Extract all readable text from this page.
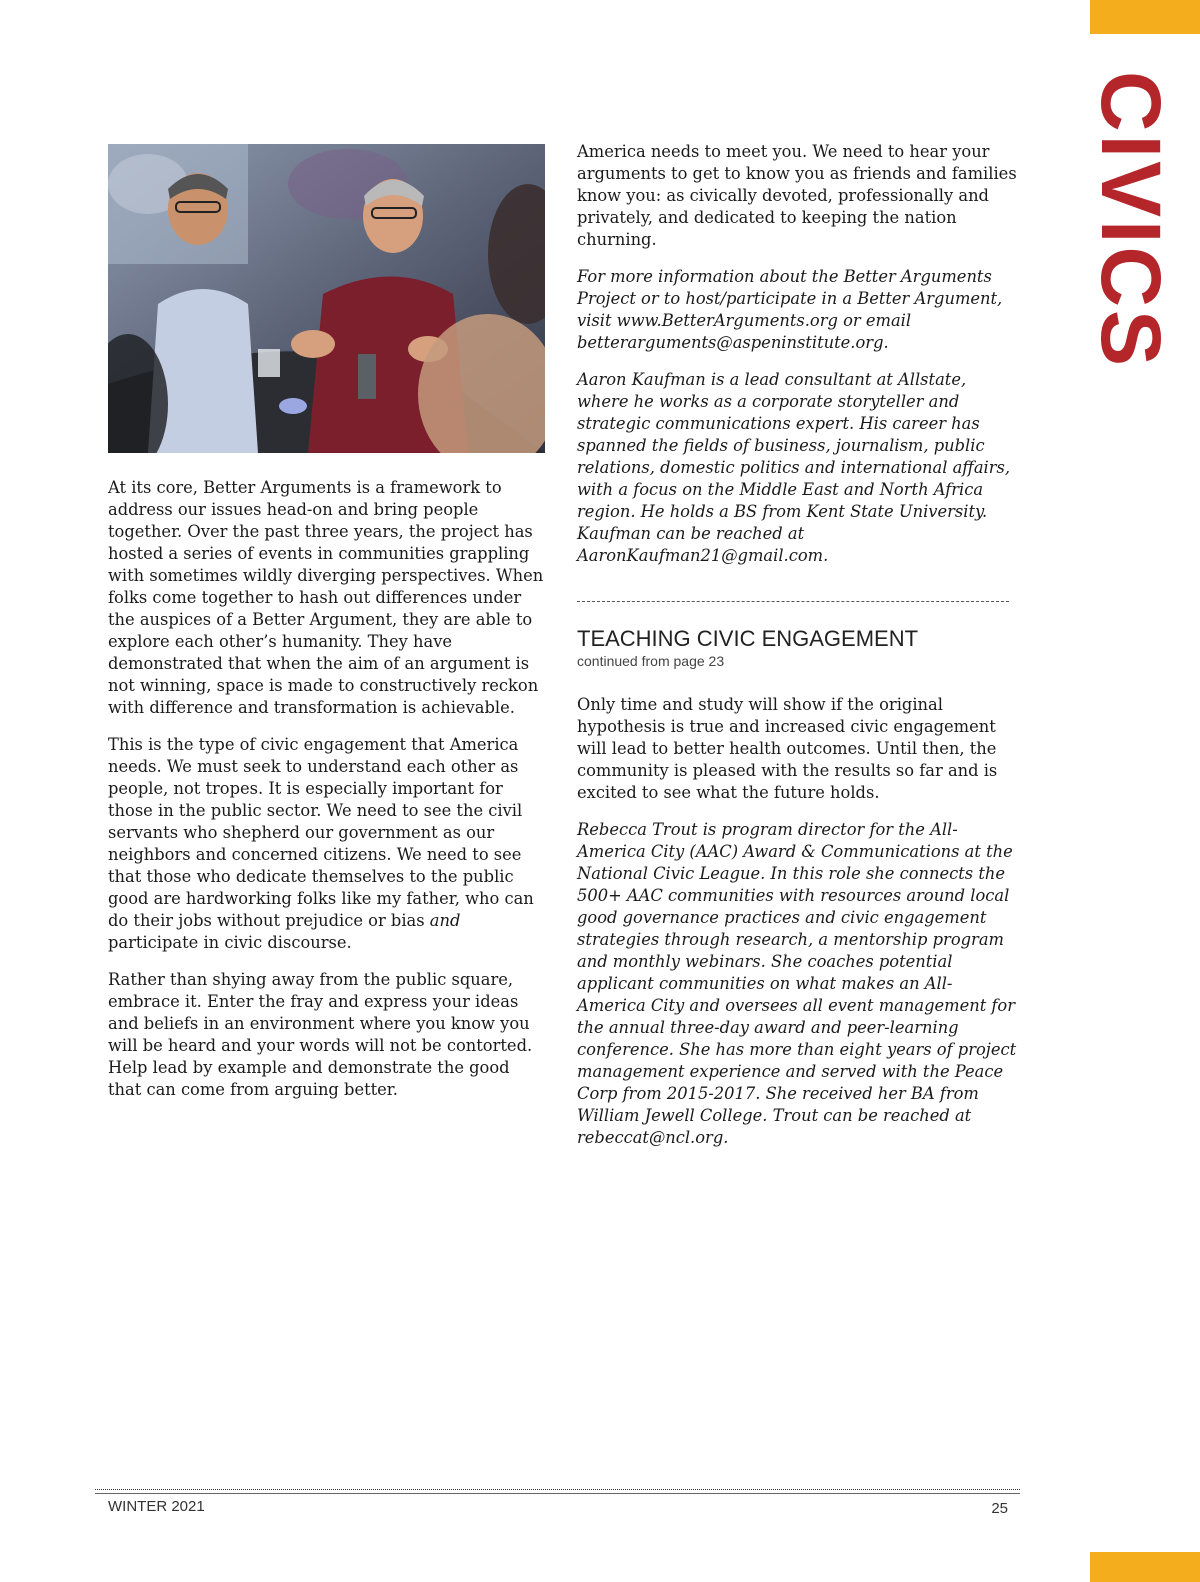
CIVICS

At its core, Better Arguments is a framework to address our issues head-on and bring people together. Over the past three years, the project has hosted a series of events in communities grappling with sometimes wildly diverging perspectives. When folks come together to hash out differences under the auspices of a Better Argument, they are able to explore each other’s humanity. They have demonstrated that when the aim of an argument is not winning, space is made to constructively reckon with difference and transformation is achievable.

This is the type of civic engagement that America needs. We must seek to understand each other as people, not tropes. It is especially important for those in the public sector. We need to see the civil servants who shepherd our government as our neighbors and concerned citizens. We need to see that those who dedicate themselves to the public good are hardworking folks like my father, who can do their jobs without prejudice or bias and participate in civic discourse.

Rather than shying away from the public square, embrace it. Enter the fray and express your ideas and beliefs in an environment where you know you will be heard and your words will not be contorted. Help lead by example and demonstrate the good that can come from arguing better.

America needs to meet you. We need to hear your arguments to get to know you as friends and families know you: as civically devoted, professionally and privately, and dedicated to keeping the nation churning.

For more information about the Better Arguments Project or to host/participate in a Better Argument, visit www.BetterArguments.org or email betterarguments@aspeninstitute.org.

Aaron Kaufman is a lead consultant at Allstate, where he works as a corporate storyteller and strategic communications expert. His career has spanned the fields of business, journalism, public relations, domestic politics and international affairs, with a focus on the Middle East and North Africa region. He holds a BS from Kent State University. Kaufman can be reached at AaronKaufman21@gmail.com.

TEACHING CIVIC ENGAGEMENT
continued from page 23

Only time and study will show if the original hypothesis is true and increased civic engagement will lead to better health outcomes. Until then, the community is pleased with the results so far and is excited to see what the future holds.

Rebecca Trout is program director for the All-America City (AAC) Award & Communications at the National Civic League. In this role she connects the 500+ AAC communities with resources around local good governance practices and civic engagement strategies through research, a mentorship program and monthly webinars. She coaches potential applicant communities on what makes an All-America City and oversees all event management for the annual three-day award and peer-learning conference. She has more than eight years of project management experience and served with the Peace Corp from 2015-2017. She received her BA from William Jewell College. Trout can be reached at rebeccat@ncl.org.

WINTER 2021	25
